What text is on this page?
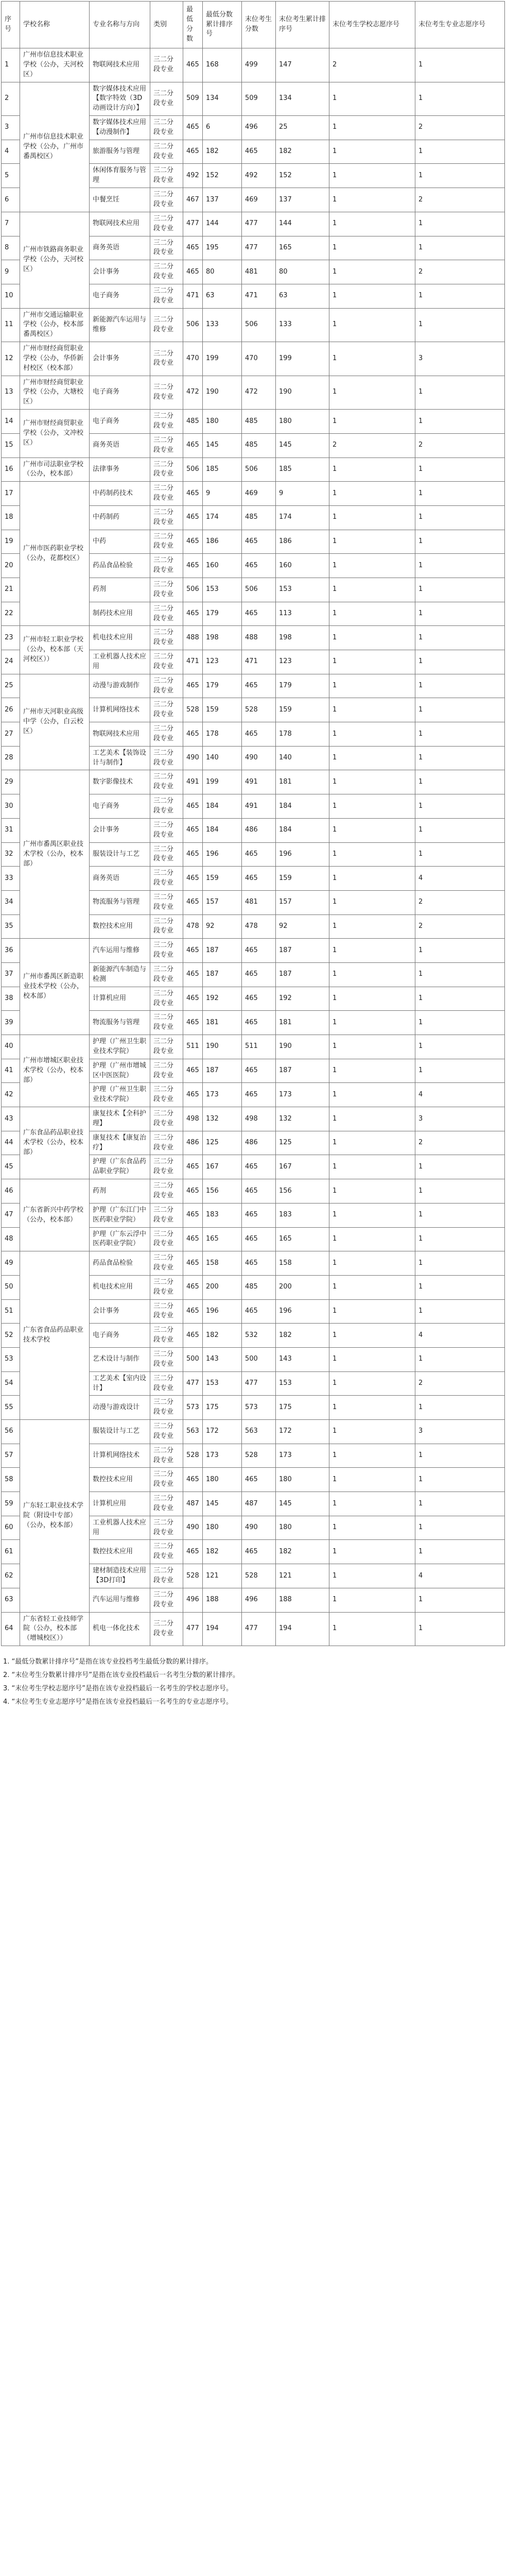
序号	学校名称	专业名称与方向	类别	最低分数	最低分数累计排序号	末位考生分数	末位考生累计排序号	末位考生学校志愿序号	末位考生专业志愿序号
1	广州市信息技术职业学校（公办，天河校区）	物联网技术应用	三二分段专业	465	168	499	147	2	1
2	广州市信息技术职业学校（公办，广州市番禺校区）	数字媒体技术应用【数字特效（3D动画设计方向）】	三二分段专业	509	134	509	134	1	1
3		数字媒体技术应用【动漫制作】	三二分段专业	465	6	496	25	1	2
4		旅游服务与管理	三二分段专业	465	182	465	182	1	1
5		休闲体育服务与管理	三二分段专业	492	152	492	152	1	1
6		中餐烹饪	三二分段专业	467	137	469	137	1	2
7	广州市铁路商务职业学校（公办，天河校区）	物联网技术应用	三二分段专业	477	144	477	144	1	1
8		商务英语	三二分段专业	465	195	477	165	1	1
9		会计事务	三二分段专业	465	80	481	80	1	2
10		电子商务	三二分段专业	471	63	471	63	1	1
11	广州市交通运输职业学校（公办，校本部番禺校区）	新能源汽车运用与维修	三二分段专业	506	133	506	133	1	1
12	广州市财经商贸职业学校（公办，华侨新村校区（校本部）	会计事务	三二分段专业	470	199	470	199	1	3
13	广州市财经商贸职业学校（公办，大塘校区）	电子商务	三二分段专业	472	190	472	190	1	1
14	广州市财经商贸职业学校（公办，文冲校区）	电子商务	三二分段专业	485	180	485	180	1	1
15		商务英语	三二分段专业	465	145	485	145	2	2
16	广州市司法职业学校（公办，校本部）	法律事务	三二分段专业	506	185	506	185	1	1
17	广州市医药职业学校（公办，花都校区）	中药制药技术	三二分段专业	465	9	469	9	1	1
18		中药制药	三二分段专业	465	174	485	174	1	1
19		中药	三二分段专业	465	186	465	186	1	1
20		药品食品检验	三二分段专业	465	160	465	160	1	1
21		药剂	三二分段专业	506	153	506	153	1	1
22		制药技术应用	三二分段专业	465	179	465	113	1	1
23	广州市轻工职业学校（公办，校本部（天河校区））	机电技术应用	三二分段专业	488	198	488	198	1	1
24		工业机器人技术应用	三二分段专业	471	123	471	123	1	1
25	广州市天河职业高级中学（公办，白云校区）	动漫与游戏制作	三二分段专业	465	179	465	179	1	1
26		计算机网络技术	三二分段专业	528	159	528	159	1	1
27		物联网技术应用	三二分段专业	465	178	465	178	1	1
28		工艺美术【装饰设计与制作】	三二分段专业	490	140	490	140	1	1
29	广州市番禺区职业技术学校（公办，校本部）	数字影像技术	三二分段专业	491	199	491	181	1	1
30		电子商务	三二分段专业	465	184	491	184	1	1
31		会计事务	三二分段专业	465	184	486	184	1	1
32		服装设计与工艺	三二分段专业	465	196	465	196	1	1
33		商务英语	三二分段专业	465	159	465	159	1	4
34		物流服务与管理	三二分段专业	465	157	481	157	1	2
35		数控技术应用	三二分段专业	478	92	478	92	1	2
36	广州市番禺区新造职业技术学校（公办，校本部）	汽车运用与维修	三二分段专业	465	187	465	187	1	1
37		新能源汽车制造与检测	三二分段专业	465	187	465	187	1	1
38		计算机应用	三二分段专业	465	192	465	192	1	1
39		物流服务与管理	三二分段专业	465	181	465	181	1	1
40	广州市增城区职业技术学校（公办，校本部）	护理（广州卫生职业技术学院）	三二分段专业	511	190	511	190	1	1
41		护理（广州市增城区中医医院）	三二分段专业	465	187	465	187	1	1
42		护理（广州卫生职业技术学院）	三二分段专业	465	173	465	173	1	4
43	广东食品药品职业技术学校（公办，校本部）	康复技术【全科护理】	三二分段专业	498	132	498	132	1	3
44		康复技术【康复治疗】	三二分段专业	486	125	486	125	1	2
45		护理（广东食品药品职业学院）	三二分段专业	465	167	465	167	1	1
46	广东省新兴中药学校（公办，校本部）	药剂	三二分段专业	465	156	465	156	1	1
47		护理（广东江门中医药职业学院）	三二分段专业	465	183	465	183	1	1
48		护理（广东云浮中医药职业学院）	三二分段专业	465	165	465	165	1	1
49	广东省食品药品职业技术学校	药品食品检验	三二分段专业	465	158	465	158	1	1
50		机电技术应用	三二分段专业	465	200	485	200	1	1
51		会计事务	三二分段专业	465	196	465	196	1	1
52		电子商务	三二分段专业	465	182	532	182	1	4
53		艺术设计与制作	三二分段专业	500	143	500	143	1	1
54		工艺美术【室内设计】	三二分段专业	477	153	477	153	1	2
55		动漫与游戏设计	三二分段专业	573	175	573	175	1	1
56	广东轻工职业技术学院（附设中专部）（公办，校本部）	服装设计与工艺	三二分段专业	563	172	563	172	1	3
57		计算机网络技术	三二分段专业	528	173	528	173	1	1
58		数控技术应用	三二分段专业	465	180	465	180	1	1
59		计算机应用	三二分段专业	487	145	487	145	1	1
60		工业机器人技术应用	三二分段专业	490	180	490	180	1	1
61		数控技术应用	三二分段专业	465	182	465	182	1	1
62		建材制造技术应用【3D打印】	三二分段专业	528	121	528	121	1	4
63		汽车运用与维修	三二分段专业	496	188	496	188	1	1
64	广东省轻工业技师学院（公办，校本部（增城校区））	机电一体化技术	三二分段专业	477	194	477	194	1	1
1. “最低分数累计排序号”是指在该专业投档考生最低分数的累计排序。
2. “末位考生分数累计排序号”是指在该专业投档最后一名考生分数的累计排序。
3. “末位考生学校志愿序号”是指在该专业投档最后一名考生的学校志愿序号。
4. “末位考生专业志愿序号”是指在该专业投档最后一名考生的专业志愿序号。
